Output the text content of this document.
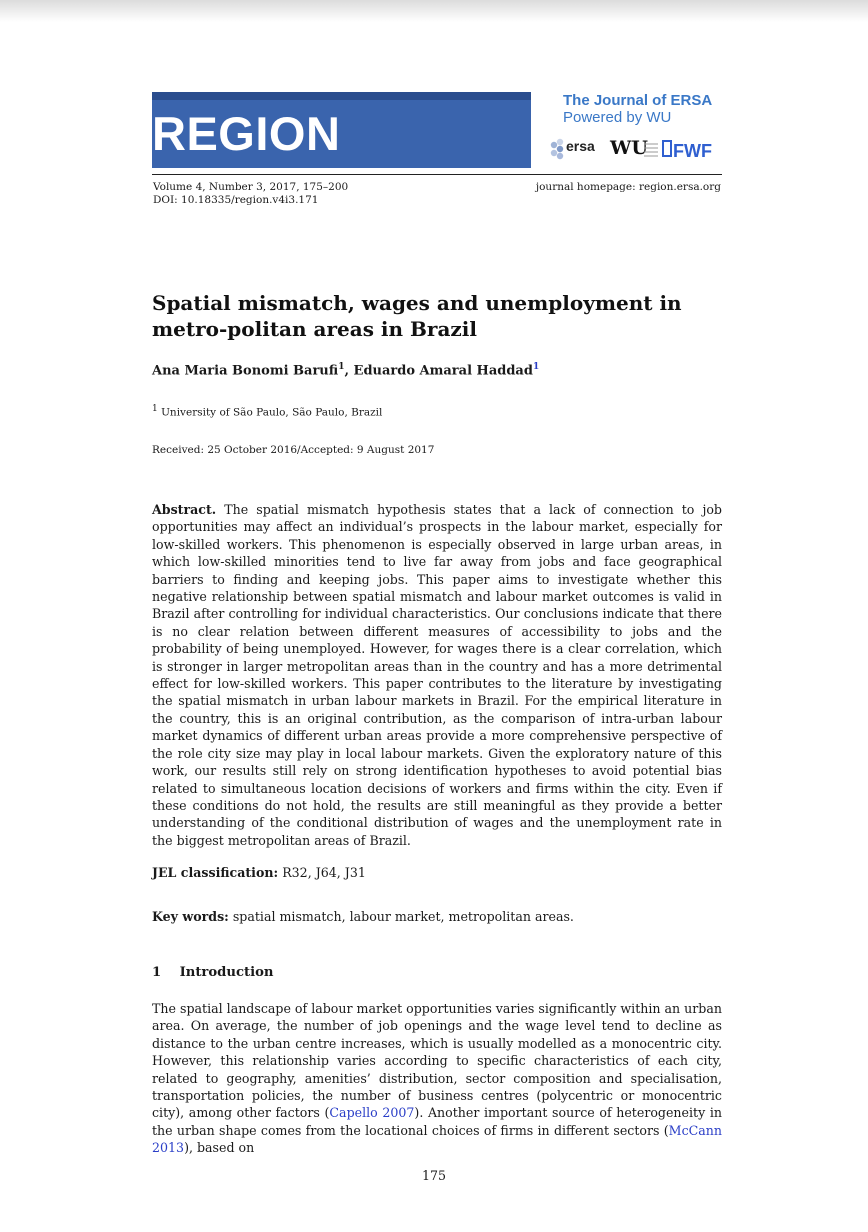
REGION
The Journal of ERSA
Powered by WU
ersa WU FWF
Volume 4, Number 3, 2017, 175–200
DOI: 10.18335/region.v4i3.171
journal homepage: region.ersa.org
Spatial mismatch, wages and unemployment in metro-politan areas in Brazil
Ana Maria Bonomi Barufi$^1$, Eduardo Amaral Haddad$^1$
1 University of São Paulo, São Paulo, Brazil
Received: 25 October 2016/Accepted: 9 August 2017
Abstract. The spatial mismatch hypothesis states that a lack of connection to job opportunities may affect an individual’s prospects in the labour market, especially for low-skilled workers. This phenomenon is especially observed in large urban areas, in which low-skilled minorities tend to live far away from jobs and face geographical barriers to finding and keeping jobs. This paper aims to investigate whether this negative relationship between spatial mismatch and labour market outcomes is valid in Brazil after controlling for individual characteristics. Our conclusions indicate that there is no clear relation between different measures of accessibility to jobs and the probability of being unemployed. However, for wages there is a clear correlation, which is stronger in larger metropolitan areas than in the country and has a more detrimental effect for low-skilled workers. This paper contributes to the literature by investigating the spatial mismatch in urban labour markets in Brazil. For the empirical literature in the country, this is an original contribution, as the comparison of intra-urban labour market dynamics of different urban areas provide a more comprehensive perspective of the role city size may play in local labour markets. Given the exploratory nature of this work, our results still rely on strong identification hypotheses to avoid potential bias related to simultaneous location decisions of workers and firms within the city. Even if these conditions do not hold, the results are still meaningful as they provide a better understanding of the conditional distribution of wages and the unemployment rate in the biggest metropolitan areas of Brazil.
JEL classification: R32, J64, J31
Key words: spatial mismatch, labour market, metropolitan areas.
1 Introduction
The spatial landscape of labour market opportunities varies significantly within an urban area. On average, the number of job openings and the wage level tend to decline as distance to the urban centre increases, which is usually modelled as a monocentric city. However, this relationship varies according to specific characteristics of each city, related to geography, amenities’ distribution, sector composition and specialisation, transportation policies, the number of business centres (polycentric or monocentric city), among other factors (Capello 2007). Another important source of heterogeneity in the urban shape comes from the locational choices of firms in different sectors (McCann 2013), based on
175
